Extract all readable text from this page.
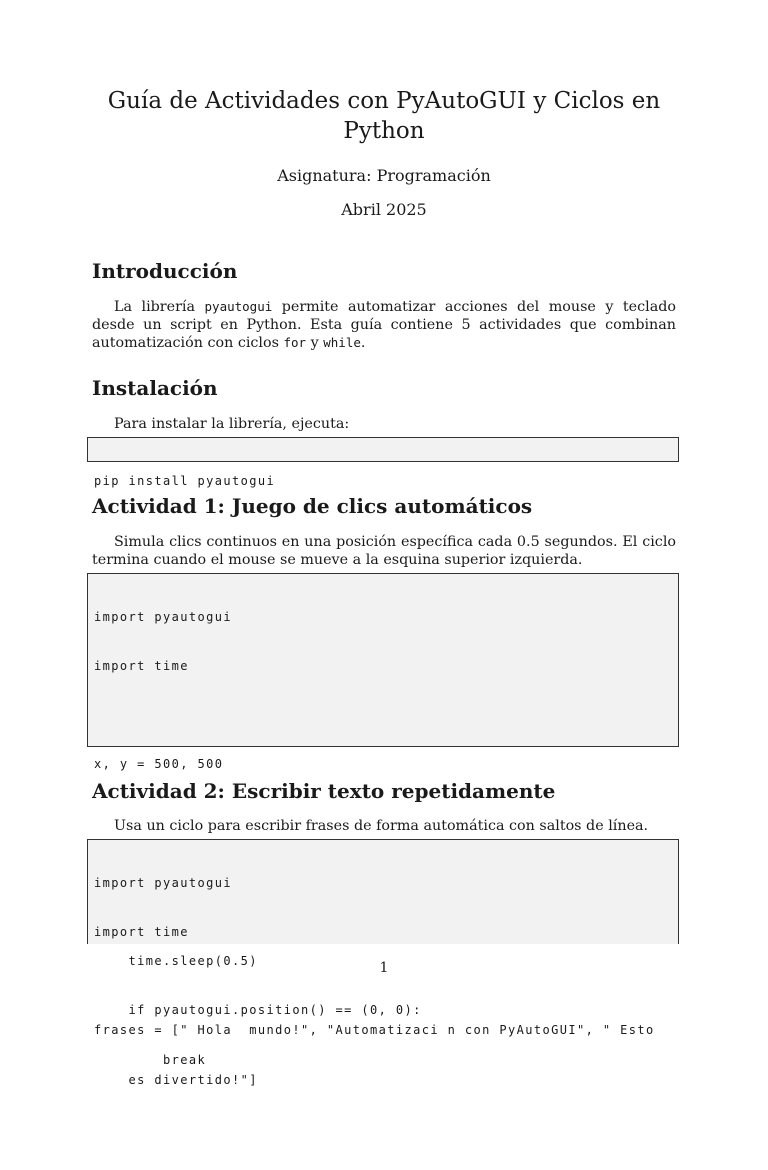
Guía de Actividades con PyAutoGUI y Ciclos en Python
Asignatura: Programación
Abril 2025
Introducción

La librería pyautogui permite automatizar acciones del mouse y teclado desde un script en Python. Esta guía contiene 5 actividades que combinan automatización con ciclos for y while.

Instalación

Para instalar la librería, ejecuta:

pip install pyautogui

Actividad 1: Juego de clics automáticos

Simula clics continuos en una posición específica cada 0.5 segundos. El ciclo termina cuando el mouse se mueve a la esquina superior izquierda.

import pyautogui

import time

x, y = 500, 500

time.sleep(0.5)

if pyautogui.position() == (0, 0):

break

Actividad 2: Escribir texto repetidamente

Usa un ciclo para escribir frases de forma automática con saltos de línea.

import pyautogui

import time

frases = [" Hola  mundo!", "Automatizaci n con PyAutoGUI", " Esto

es divertido!"]

1
